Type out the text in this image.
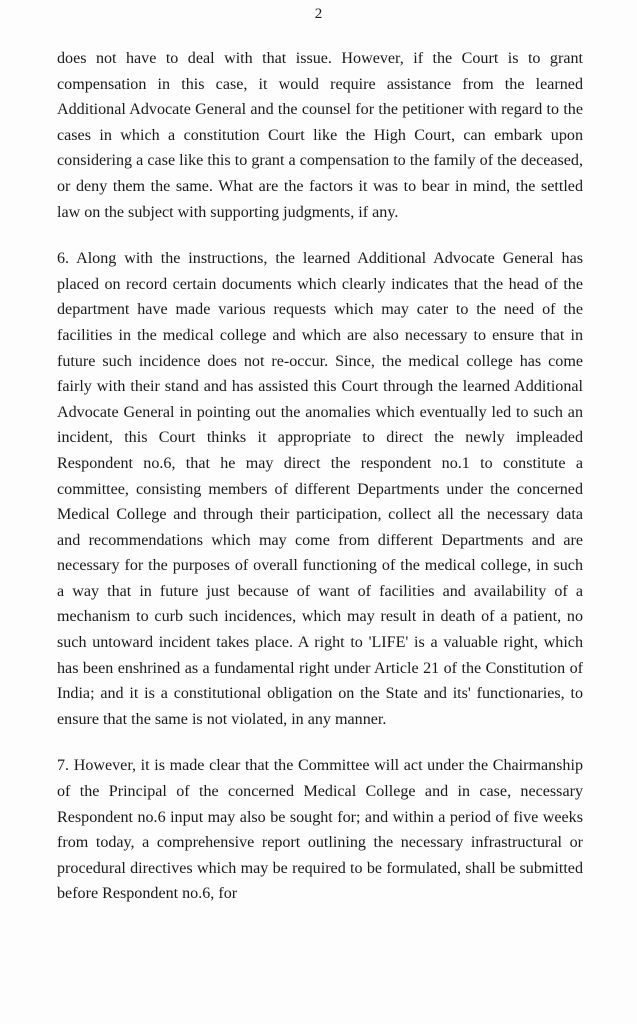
2

does not have to deal with that issue. However, if the Court is to grant compensation in this case, it would require assistance from the learned Additional Advocate General and the counsel for the petitioner with regard to the cases in which a constitution Court like the High Court, can embark upon considering a case like this to grant a compensation to the family of the deceased, or deny them the same. What are the factors it was to bear in mind, the settled law on the subject with supporting judgments, if any.

6. Along with the instructions, the learned Additional Advocate General has placed on record certain documents which clearly indicates that the head of the department have made various requests which may cater to the need of the facilities in the medical college and which are also necessary to ensure that in future such incidence does not re-occur. Since, the medical college has come fairly with their stand and has assisted this Court through the learned Additional Advocate General in pointing out the anomalies which eventually led to such an incident, this Court thinks it appropriate to direct the newly impleaded Respondent no.6, that he may direct the respondent no.1 to constitute a committee, consisting members of different Departments under the concerned Medical College and through their participation, collect all the necessary data and recommendations which may come from different Departments and are necessary for the purposes of overall functioning of the medical college, in such a way that in future just because of want of facilities and availability of a mechanism to curb such incidences, which may result in death of a patient, no such untoward incident takes place. A right to 'LIFE' is a valuable right, which has been enshrined as a fundamental right under Article 21 of the Constitution of India; and it is a constitutional obligation on the State and its' functionaries, to ensure that the same is not violated, in any manner.

7. However, it is made clear that the Committee will act under the Chairmanship of the Principal of the concerned Medical College and in case, necessary Respondent no.6 input may also be sought for; and within a period of five weeks from today, a comprehensive report outlining the necessary infrastructural or procedural directives which may be required to be formulated, shall be submitted before Respondent no.6, for
